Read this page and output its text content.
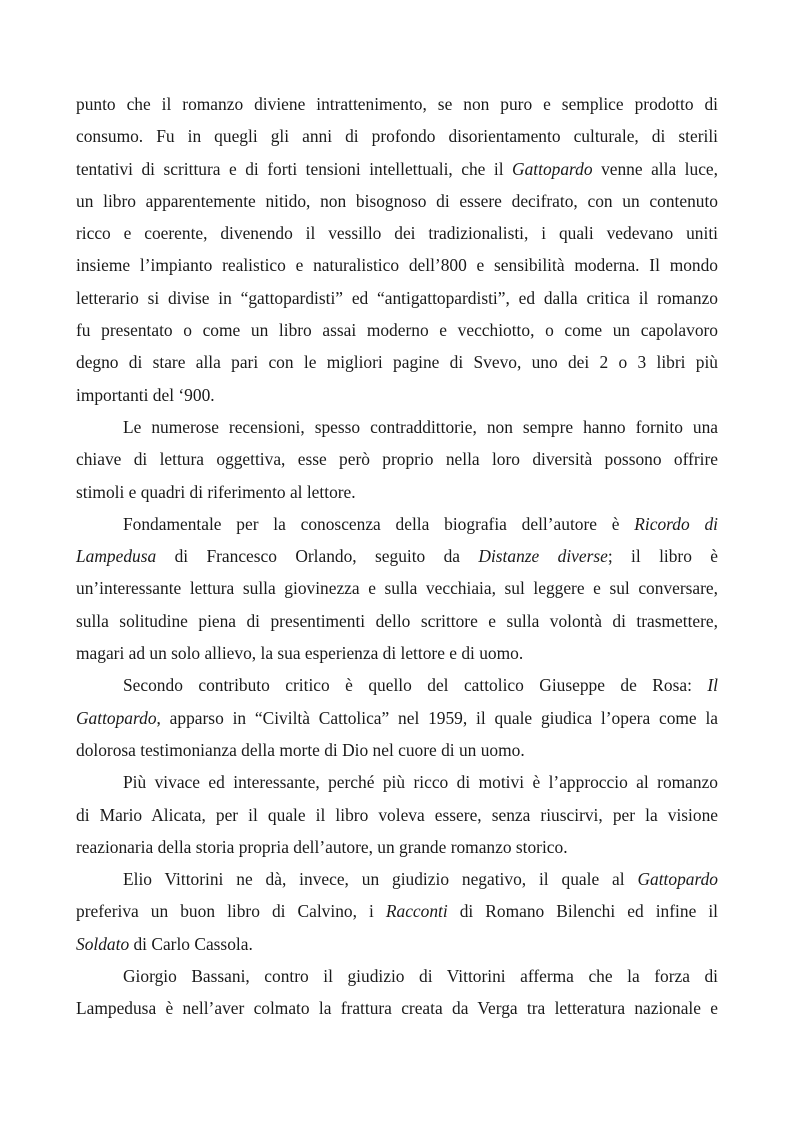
punto che il romanzo diviene intrattenimento, se non puro e semplice prodotto di
consumo. Fu in quegli gli anni di profondo disorientamento culturale, di sterili
tentativi di scrittura e di forti tensioni intellettuali, che il Gattopardo venne alla luce,
un libro apparentemente nitido, non bisognoso di essere decifrato, con un contenuto
ricco e coerente, divenendo il vessillo dei tradizionalisti, i quali vedevano uniti
insieme l’impianto realistico e naturalistico dell’800 e sensibilità moderna. Il mondo
letterario si divise in “gattopardisti” ed “antigattopardisti”, ed dalla critica il romanzo
fu presentato o come un libro assai moderno e vecchiotto, o come un capolavoro
degno di stare alla pari con le migliori pagine di Svevo, uno dei 2 o 3 libri più
importanti del ‘900.
Le numerose recensioni, spesso contraddittorie, non sempre hanno fornito una
chiave di lettura oggettiva, esse però proprio nella loro diversità possono offrire
stimoli e quadri di riferimento al lettore.
Fondamentale per la conoscenza della biografia dell’autore è Ricordo di
Lampedusa di Francesco Orlando, seguito da Distanze diverse; il libro è
un’interessante lettura sulla giovinezza e sulla vecchiaia, sul leggere e sul conversare,
sulla solitudine piena di presentimenti dello scrittore e sulla volontà di trasmettere,
magari ad un solo allievo, la sua esperienza di lettore e di uomo.
Secondo contributo critico è quello del cattolico Giuseppe de Rosa: Il
Gattopardo, apparso in “Civiltà Cattolica” nel 1959, il quale giudica l’opera come la
dolorosa testimonianza della morte di Dio nel cuore di un uomo.
Più vivace ed interessante, perché più ricco di motivi è l’approccio al romanzo
di Mario Alicata, per il quale il libro voleva essere, senza riuscirvi, per la visione
reazionaria della storia propria dell’autore, un grande romanzo storico.
Elio Vittorini ne dà, invece, un giudizio negativo, il quale al Gattopardo
preferiva un buon libro di Calvino, i Racconti di Romano Bilenchi ed infine il
Soldato di Carlo Cassola.
Giorgio Bassani, contro il giudizio di Vittorini afferma che la forza di
Lampedusa è nell’aver colmato la frattura creata da Verga tra letteratura nazionale e
